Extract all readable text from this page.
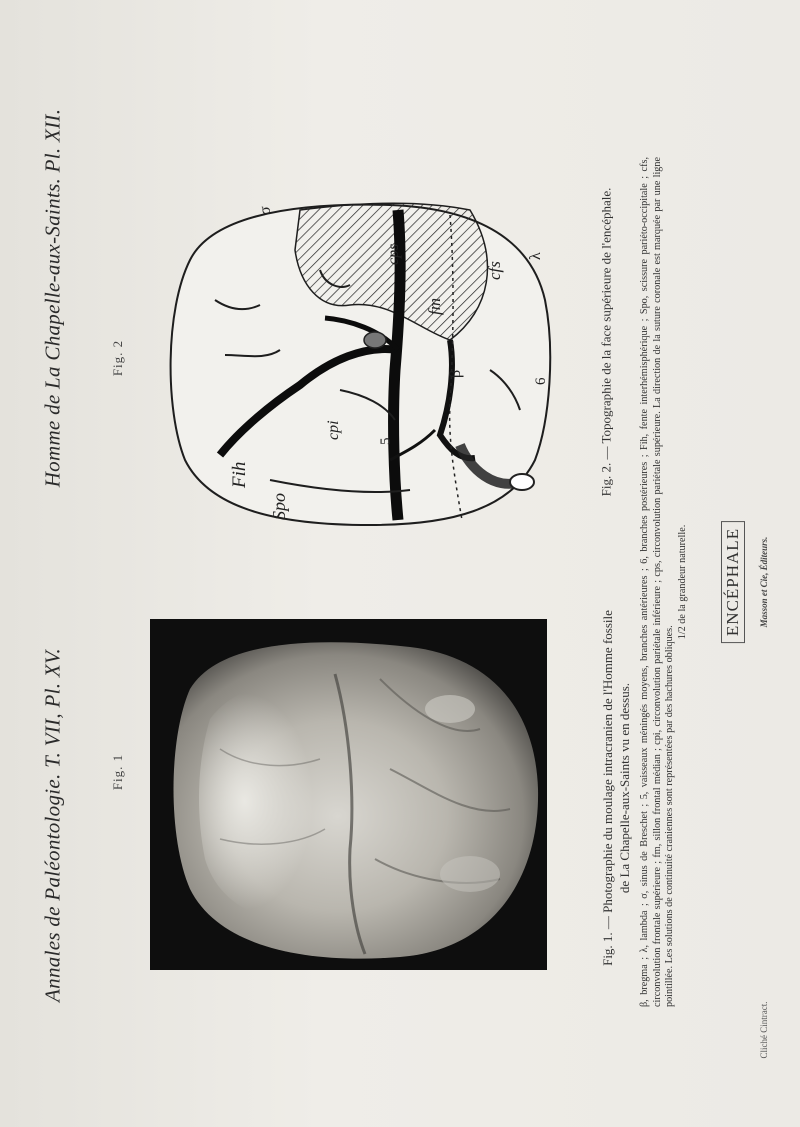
Annales de Paléontologie. T. VII, Pl. XV.
Homme de La Chapelle-aux-Saints. Pl. XII.
Fig. 1
Fig. 2
Fih
Spo
cfs
fm
cpi
cps
β
λ
σ
5
6
Fig. 1. — Photographie du moulage intracranien de l'Homme fossile de La Chapelle-aux-Saints vu en dessus.
Fig. 2. — Topographie de la face supérieure de l'encéphale. β, bregma ; λ, lambda ; σ, sinus de Breschet ; 5, vaisseaux méningés moyens, branches antérieures ; 6, branches postérieures ; Fih, fente interhémisphérique ; Spo, scissure pariéto-occipitale ; cfs, circonvolution frontale supérieure ; fm, sillon frontal médian ; cpi, circonvolution pariétale inférieure ; cps, circonvolution pariétale supérieure. La direction de la suture coronale est marquée par une ligne pointillée. Les solutions de continuité craniennes sont représentées par des hachures obliques.
1/2 de la grandeur naturelle.
Cliché Cintract.
ENCÉPHALE	Masson et Cie, Éditeurs.
